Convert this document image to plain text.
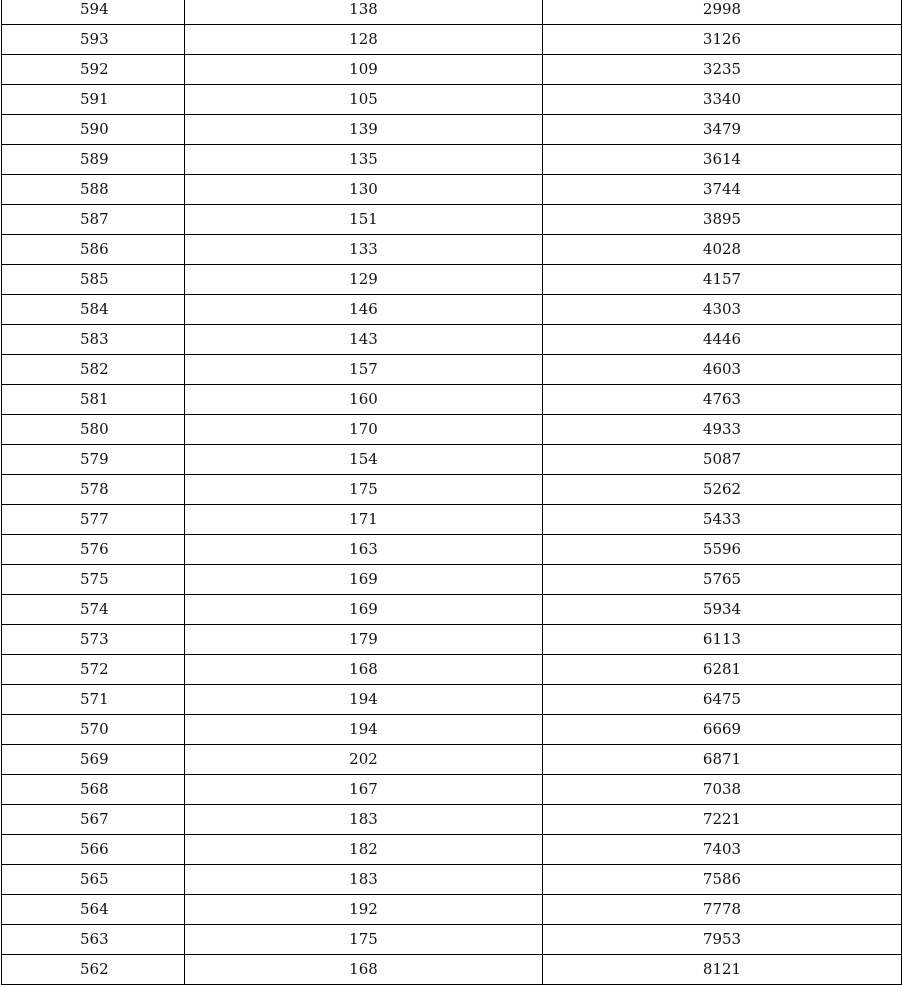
594	138	2998
593	128	3126
592	109	3235
591	105	3340
590	139	3479
589	135	3614
588	130	3744
587	151	3895
586	133	4028
585	129	4157
584	146	4303
583	143	4446
582	157	4603
581	160	4763
580	170	4933
579	154	5087
578	175	5262
577	171	5433
576	163	5596
575	169	5765
574	169	5934
573	179	6113
572	168	6281
571	194	6475
570	194	6669
569	202	6871
568	167	7038
567	183	7221
566	182	7403
565	183	7586
564	192	7778
563	175	7953
562	168	8121
